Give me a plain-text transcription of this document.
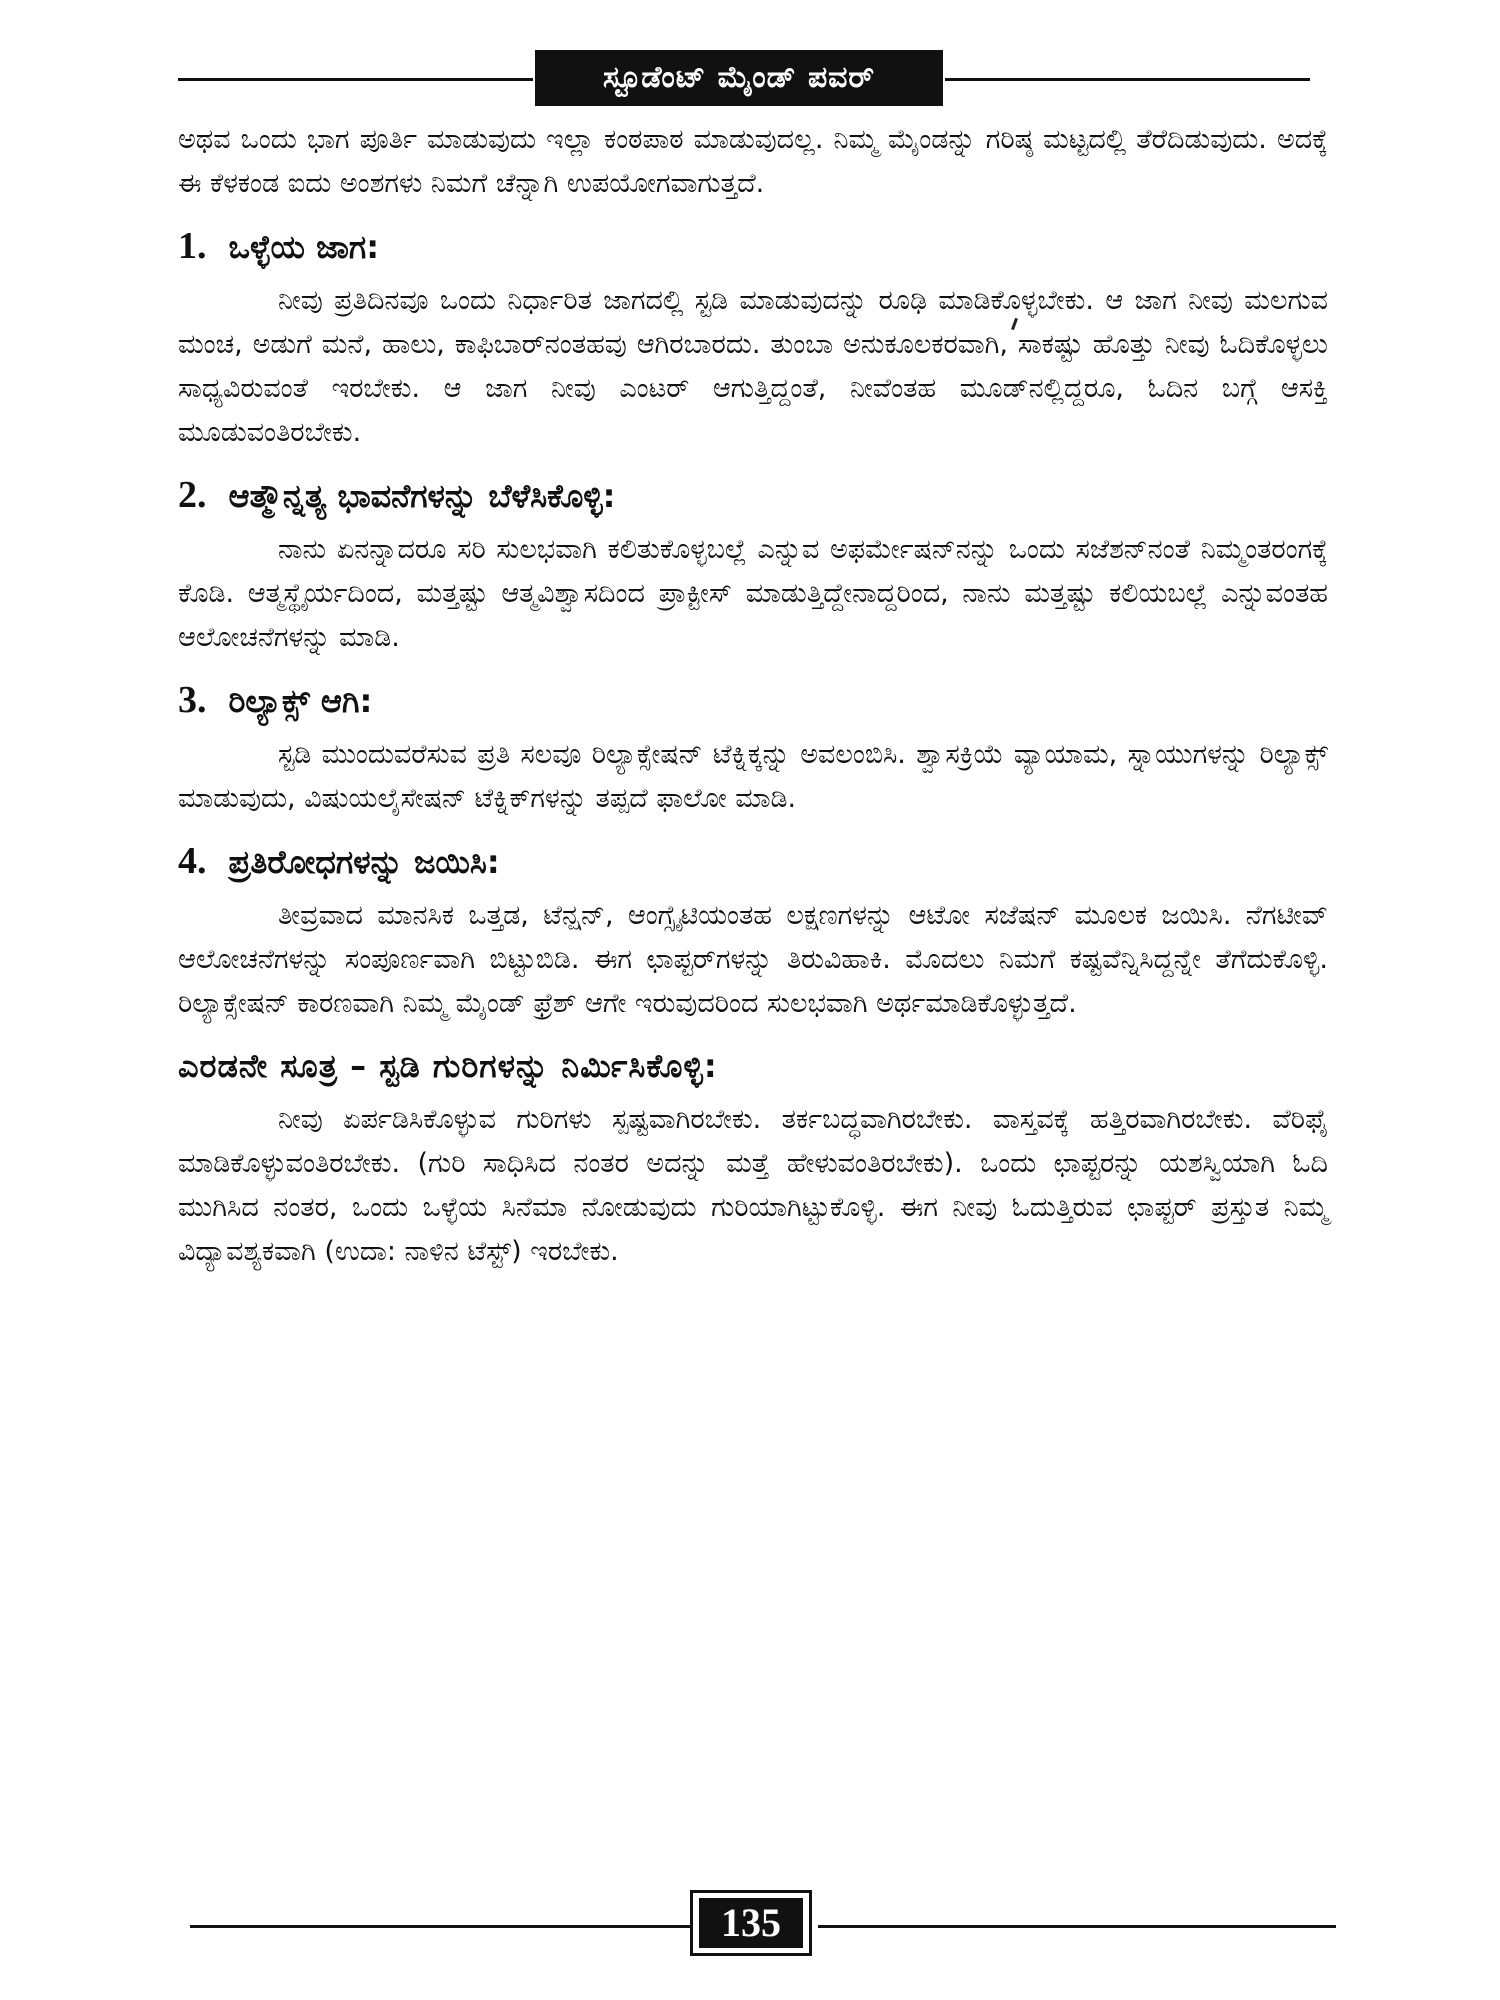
ಸ್ಟೂಡೆಂಟ್ ಮೈಂಡ್ ಪವರ್

ಅಥವ ಒಂದು ಭಾಗ ಪೂರ್ತಿ ಮಾಡುವುದು ಇಲ್ಲಾ ಕಂಠಪಾಠ ಮಾಡುವುದಲ್ಲ. ನಿಮ್ಮ ಮೈಂಡನ್ನು ಗರಿಷ್ಠ ಮಟ್ಟದಲ್ಲಿ ತೆರೆದಿಡುವುದು. ಅದಕ್ಕೆ ಈ ಕೆಳಕಂಡ ಐದು ಅಂಶಗಳು ನಿಮಗೆ ಚೆನ್ನಾಗಿ ಉಪಯೋಗವಾಗುತ್ತದೆ.

1. ಒಳ್ಳೆಯ ಜಾಗ:

ನೀವು ಪ್ರತಿದಿನವೂ ಒಂದು ನಿರ್ಧಾರಿತ ಜಾಗದಲ್ಲಿ ಸ್ಟಡಿ ಮಾಡುವುದನ್ನು ರೂಢಿ ಮಾಡಿಕೊಳ್ಳಬೇಕು. ಆ ಜಾಗ ನೀವು ಮಲಗುವ ಮಂಚ, ಅಡುಗೆ ಮನೆ, ಹಾಲು, ಕಾಫಿಬಾರ್‌ನಂತಹವು ಆಗಿರಬಾರದು. ತುಂಬಾ ಅನುಕೂಲಕರವಾಗಿ, ಸಾಕಷ್ಟು ಹೊತ್ತು ನೀವು ಓದಿಕೊಳ್ಳಲು ಸಾಧ್ಯವಿರುವಂತೆ ಇರಬೇಕು. ಆ ಜಾಗ ನೀವು ಎಂಟರ್ ಆಗುತ್ತಿದ್ದಂತೆ, ನೀವೆಂತಹ ಮೂಡ್‌ನಲ್ಲಿದ್ದರೂ, ಓದಿನ ಬಗ್ಗೆ ಆಸಕ್ತಿ ಮೂಡುವಂತಿರಬೇಕು.

2. ಆತ್ಮೌನ್ನತ್ಯ ಭಾವನೆಗಳನ್ನು ಬೆಳೆಸಿಕೊಳ್ಳಿ:

ನಾನು ಏನನ್ನಾದರೂ ಸರಿ ಸುಲಭವಾಗಿ ಕಲಿತುಕೊಳ್ಳಬಲ್ಲೆ ಎನ್ನುವ ಅಫರ್ಮೇಷನ್‌ನನ್ನು ಒಂದು ಸಜೆಶನ್‌ನಂತೆ ನಿಮ್ಮಂತರಂಗಕ್ಕೆ ಕೊಡಿ. ಆತ್ಮಸ್ಥೈರ್ಯದಿಂದ, ಮತ್ತಷ್ಟು ಆತ್ಮವಿಶ್ವಾಸದಿಂದ ಪ್ರಾಕ್ಟೀಸ್ ಮಾಡುತ್ತಿದ್ದೇನಾದ್ದರಿಂದ, ನಾನು ಮತ್ತಷ್ಟು ಕಲಿಯಬಲ್ಲೆ ಎನ್ನುವಂತಹ ಆಲೋಚನೆಗಳನ್ನು ಮಾಡಿ.

3. ರಿಲ್ಯಾಕ್ಸ್ ಆಗಿ:

ಸ್ಟಡಿ ಮುಂದುವರೆಸುವ ಪ್ರತಿ ಸಲವೂ ರಿಲ್ಯಾಕ್ಸೇಷನ್ ಟೆಕ್ನಿಕ್ಕನ್ನು ಅವಲಂಬಿಸಿ. ಶ್ವಾಸಕ್ರಿಯೆ ವ್ಯಾಯಾಮ, ಸ್ನಾಯುಗಳನ್ನು ರಿಲ್ಯಾಕ್ಸ್ ಮಾಡುವುದು, ವಿಷುಯಲೈಸೇಷನ್ ಟೆಕ್ನಿಕ್‌ಗಳನ್ನು ತಪ್ಪದೆ ಫಾಲೋ ಮಾಡಿ.

4. ಪ್ರತಿರೋಧಗಳನ್ನು ಜಯಿಸಿ:

ತೀವ್ರವಾದ ಮಾನಸಿಕ ಒತ್ತಡ, ಟೆನ್ಷನ್, ಆಂಗ್ಸೈಟಿಯಂತಹ ಲಕ್ಷಣಗಳನ್ನು ಆಟೋ ಸಜೆಷನ್ ಮೂಲಕ ಜಯಿಸಿ. ನೆಗಟೀವ್ ಆಲೋಚನೆಗಳನ್ನು ಸಂಪೂರ್ಣವಾಗಿ ಬಿಟ್ಟುಬಿಡಿ. ಈಗ ಛಾಪ್ಟರ್‌ಗಳನ್ನು ತಿರುವಿಹಾಕಿ. ಮೊದಲು ನಿಮಗೆ ಕಷ್ಟವೆನ್ನಿಸಿದ್ದನ್ನೇ ತೆಗೆದುಕೊಳ್ಳಿ. ರಿಲ್ಯಾಕ್ಸೇಷನ್ ಕಾರಣವಾಗಿ ನಿಮ್ಮ ಮೈಂಡ್ ಫ್ರೆಶ್ ಆಗೇ ಇರುವುದರಿಂದ ಸುಲಭವಾಗಿ ಅರ್ಥಮಾಡಿಕೊಳ್ಳುತ್ತದೆ.

ಎರಡನೇ ಸೂತ್ರ – ಸ್ಟಡಿ ಗುರಿಗಳನ್ನು ನಿರ್ಮಿಸಿಕೊಳ್ಳಿ:

ನೀವು ಏರ್ಪಡಿಸಿಕೊಳ್ಳುವ ಗುರಿಗಳು ಸ್ಪಷ್ಟವಾಗಿರಬೇಕು. ತರ್ಕಬದ್ಧವಾಗಿರಬೇಕು. ವಾಸ್ತವಕ್ಕೆ ಹತ್ತಿರವಾಗಿರಬೇಕು. ವೆರಿಫೈ ಮಾಡಿಕೊಳ್ಳುವಂತಿರಬೇಕು. (ಗುರಿ ಸಾಧಿಸಿದ ನಂತರ ಅದನ್ನು ಮತ್ತೆ ಹೇಳುವಂತಿರಬೇಕು). ಒಂದು ಛಾಪ್ಟರನ್ನು ಯಶಸ್ವಿಯಾಗಿ ಓದಿ ಮುಗಿಸಿದ ನಂತರ, ಒಂದು ಒಳ್ಳೆಯ ಸಿನೆಮಾ ನೋಡುವುದು ಗುರಿಯಾಗಿಟ್ಟುಕೊಳ್ಳಿ. ಈಗ ನೀವು ಓದುತ್ತಿರುವ ಛಾಪ್ಟರ್ ಪ್ರಸ್ತುತ ನಿಮ್ಮ ವಿದ್ಯಾವಶ್ಯಕವಾಗಿ (ಉದಾ: ನಾಳಿನ ಟೆಸ್ಟ್) ಇರಬೇಕು.

135
